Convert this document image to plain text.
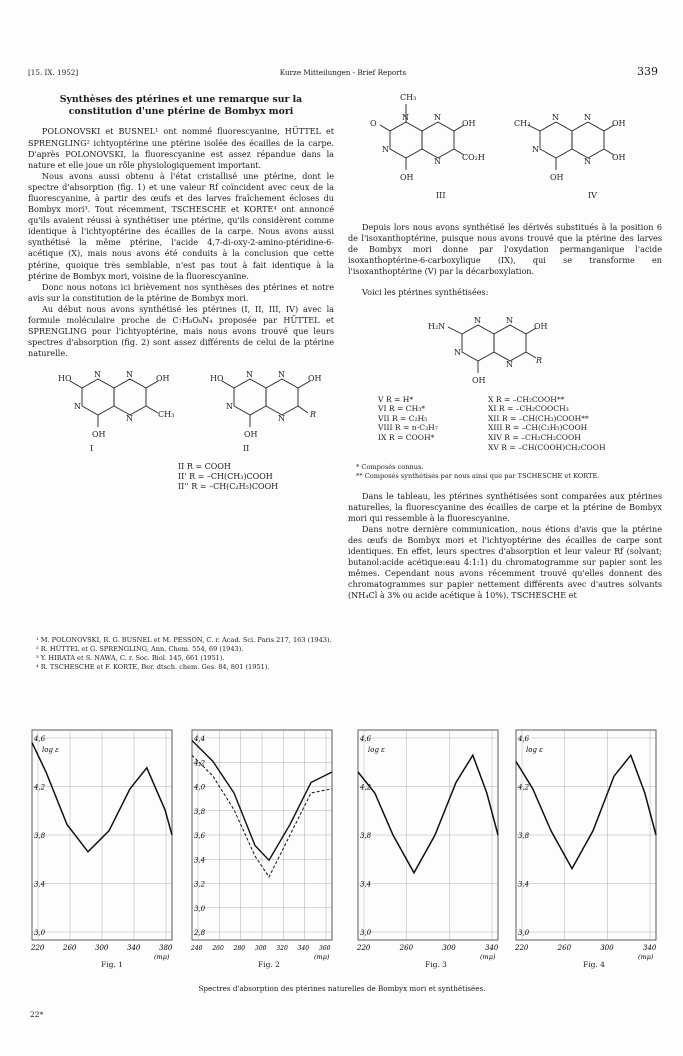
[15. IX. 1952]	Kurze Mitteilungen - Brief Reports	339
Synthèses des ptérines et une remarque sur la constitution d'une ptérine de Bombyx mori

POLONOVSKI et BUSNEL¹ ont nommé fluorescyanine, HÜTTEL et SPRENGLING² ichtyoptérine une ptérine isolée des écailles de la carpe. D'après POLONOVSKI, la fluorescyanine est assez répandue dans la nature et elle joue un rôle physiologiquement important.

Nous avons aussi obtenu à l'état cristallisé une ptérine, dont le spectre d'absorption (fig. 1) et une valeur Rf coïncident avec ceux de la fluorescyanine, à partir des œufs et des larves fraîchement écloses du Bombyx mori³. Tout récemment, TSCHESCHE et KORTE⁴ ont annoncé qu'ils avaient réussi à synthétiser une ptérine, qu'ils considèrent comme identique à l'ichtyoptérine des écailles de la carpe. Nous avons aussi synthétisé la même ptérine, l'acide 4,7-di-oxy-2-amino-ptéridine-6-acétique (X), mais nous avons été conduits à la conclusion que cette ptérine, quoique très semblable, n'est pas tout à fait identique à la ptérine de Bombyx mori, voisine de la fluorescyanine.

Donc nous notons ici brièvement nos synthèses des ptérines et notre avis sur la constitution de la ptérine de Bombyx mori.

Au début nous avons synthétisé les ptérines (I, II, III, IV) avec la formule moléculaire proche de C₇H₈O₈N₄ proposée par HÜTTEL et SPRENGLING pour l'ichtyoptérine, mais nous avons trouvé que leurs spectres d'absorption (fig. 2) sont assez différents de celui de la ptérine naturelle.

HO	N	N	OH
N
N	CH₃
OH
HO	N	N	OH
N
N	R
OH
I	II
II R = COOH
II' R = –CH(CH₃)COOH
II'' R = –CH(C₂H₅)COOH

¹ M. POLONOVSKI, R. G. BUSNEL et M. PESSON, C. r. Acad. Sci. Paris 217, 163 (1943).

² R. HÜTTEL et G. SPRENGLING, Ann. Chem. 554, 69 (1943).

³ Y. HIRATA et S. NAWA, C. r. Soc. Biol. 145, 661 (1951).

⁴ R. TSCHESCHE et F. KORTE, Ber. dtsch. chem. Ges. 84, 801 (1951).

CH₃
O
N	N
OH
N
N	CO₂H
OH
CH₃
N	N
OH
N
N	OH
OH
III	IV

Depuis lors nous avons synthétisé les dérivés substitués à la position 6 de l'isoxanthoptérine, puisque nous avons trouvé que la ptérine des larves de Bombyx mori donne par l'oxydation permanganique l'acide isoxanthoptérine-6-carboxylique (IX), qui se transforme en l'isoxanthoptérine (V) par la décarboxylation.

Voici les ptérines synthétisées:

H₂N
N	N
OH
N
N	R
OH
V R = H*
VI R = CH₃*
VII R = C₂H₅
VIII R = n-C₃H₇
IX R = COOH*
X R = –CH₂COOH**
XI R = –CH₂COOCH₃
XII R = –CH(CH₃)COOH**
XIII R = –CH(C₂H₅)COOH
XIV R = –CH₂CH₂COOH
XV R = –CH(COOH)CH₂COOH

* Composés connus.

** Composés synthétisés par nous ainsi que par TSCHESCHE et KORTE.

Dans le tableau, les ptérines synthétisées sont comparées aux ptérines naturelles, la fluorescyanine des écailles de carpe et la ptérine de Bombyx mori qui ressemble à la fluorescyanine.

Dans notre dernière communication, nous étions d'avis que la ptérine des œufs de Bombyx mori et l'ichtyoptérine des écailles de carpe sont identiques. En effet, leurs spectres d'absorption et leur valeur Rf (solvant; butanol:acide acétique:eau 4:1:1) du chromatogramme sur papier sont les mêmes. Cependant nous avons récemment trouvé qu'elles donnent des chromatogrammes sur papier nettement différents avec d'autres solvants (NH₄Cl à 3% ou acide acétique à 10%). TSCHESCHE et

4,6
4,2
3,8
3,4
3,0
220	260	300	340	380
(mμ)
log ε
4,4
4,2
4,0
3,8
3,6
3,4
3,2
3,0
2,8
240 260 280 300 320 340 360
(mμ)
4,6
4,2
3,8
3,4
3,0
220	260	300	340
(mμ)
log ε
4,6
4,2
3,8
3,4
3,0
220	260	300	340
(mμ)
log ε
Fig. 1	Fig. 2	Fig. 3	Fig. 4
Spectres d'absorption des ptérines naturelles de Bombyx mori et synthétisées.
22*
